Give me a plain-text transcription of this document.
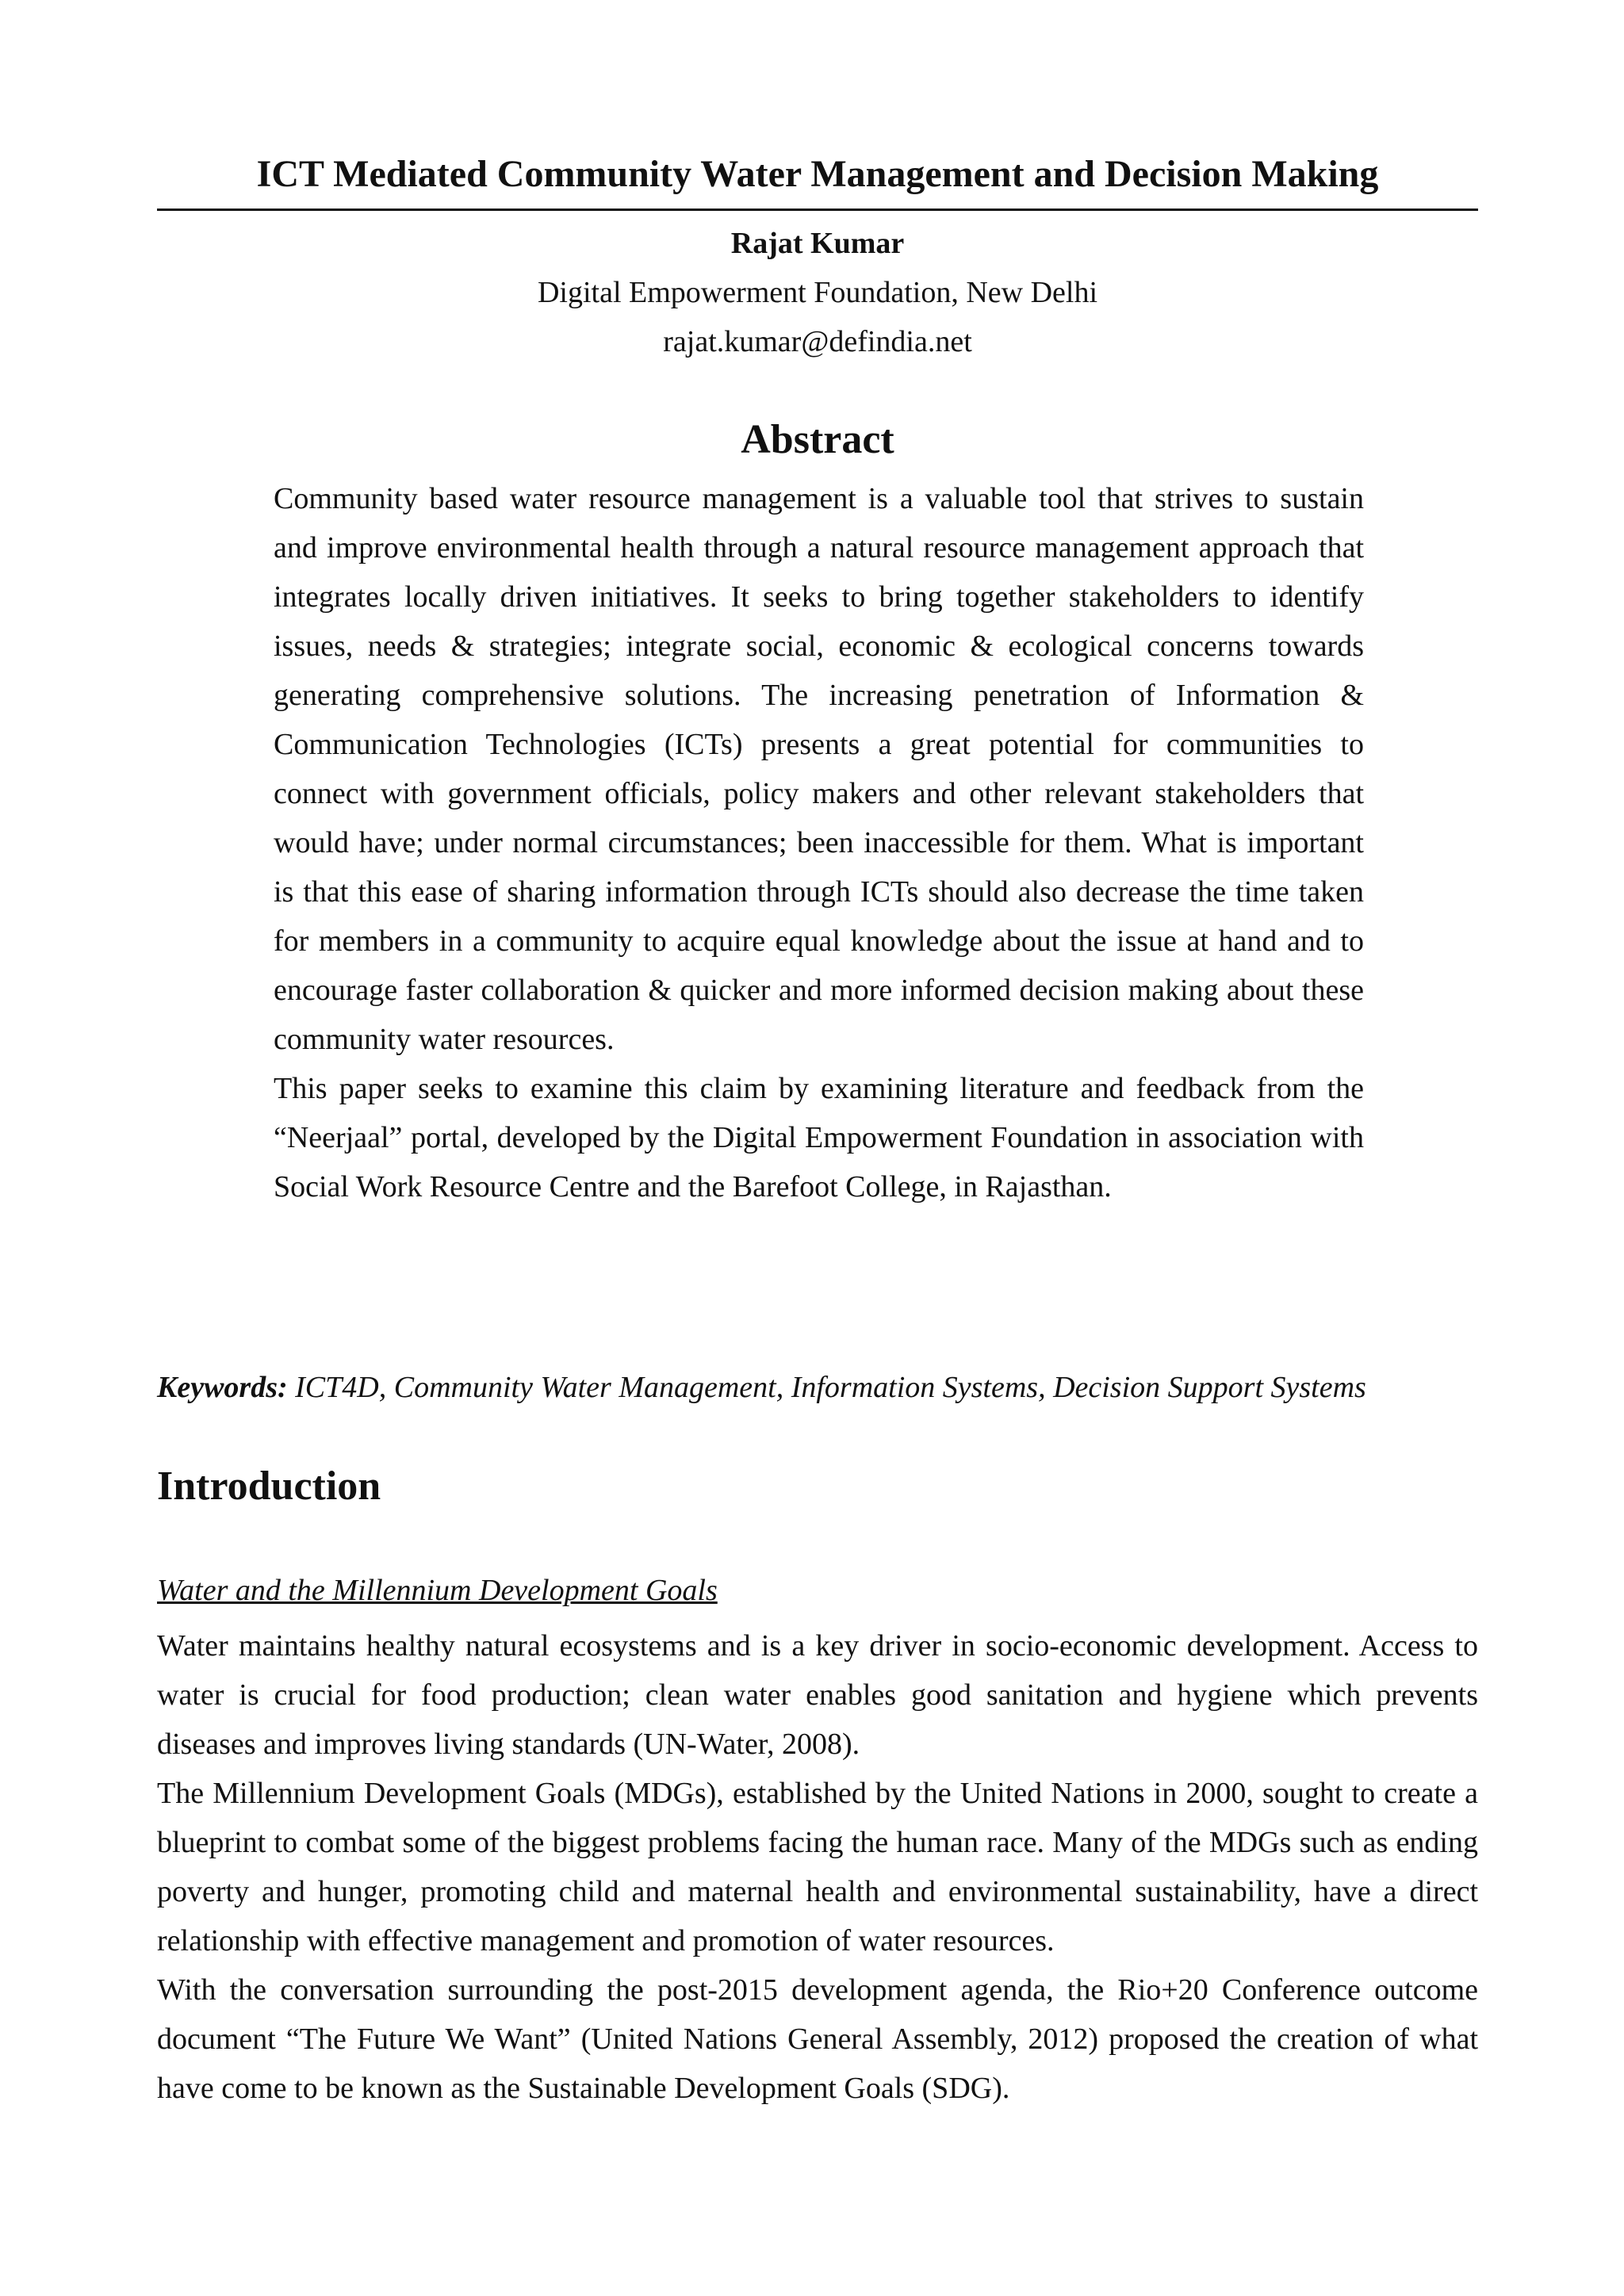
ICT Mediated Community Water Management and Decision Making
Rajat Kumar
Digital Empowerment Foundation, New Delhi
rajat.kumar@defindia.net
Abstract

Community based water resource management is a valuable tool that strives to sustain and improve environmental health through a natural resource management approach that integrates locally driven initiatives. It seeks to bring together stakeholders to identify issues, needs & strategies; integrate social, economic & ecological concerns towards generating comprehensive solutions. The increasing penetration of Information & Communication Technologies (ICTs) presents a great potential for communities to connect with government officials, policy makers and other relevant stakeholders that would have; under normal circumstances; been inaccessible for them. What is important is that this ease of sharing information through ICTs should also decrease the time taken for members in a community to acquire equal knowledge about the issue at hand and to encourage faster collaboration & quicker and more informed decision making about these community water resources.

This paper seeks to examine this claim by examining literature and feedback from the “Neerjaal” portal, developed by the Digital Empowerment Foundation in association with Social Work Resource Centre and the Barefoot College, in Rajasthan.

Keywords: ICT4D, Community Water Management, Information Systems, Decision Support Systems
Introduction
Water and the Millennium Development Goals

Water maintains healthy natural ecosystems and is a key driver in socio-economic development. Access to water is crucial for food production; clean water enables good sanitation and hygiene which prevents diseases and improves living standards (UN-Water, 2008).

The Millennium Development Goals (MDGs), established by the United Nations in 2000, sought to create a blueprint to combat some of the biggest problems facing the human race. Many of the MDGs such as ending poverty and hunger, promoting child and maternal health and environmental sustainability, have a direct relationship with effective management and promotion of water resources.

With the conversation surrounding the post-2015 development agenda, the Rio+20 Conference outcome document “The Future We Want” (United Nations General Assembly, 2012) proposed the creation of what have come to be known as the Sustainable Development Goals (SDG).
